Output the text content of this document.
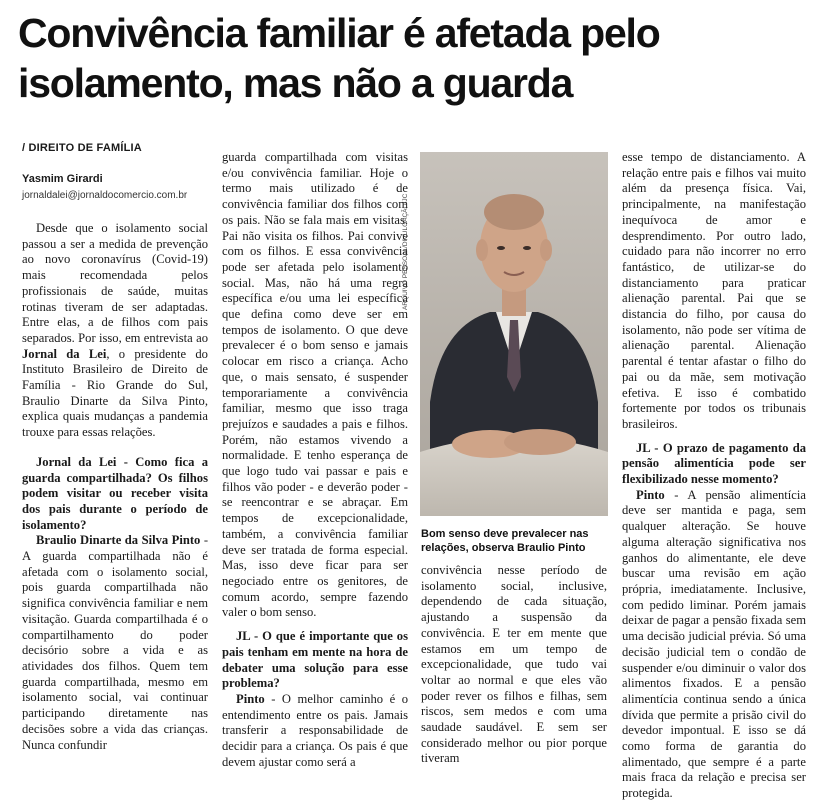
Convivência familiar é afetada pelo isolamento, mas não a guarda
/ DIREITO DE FAMÍLIA
Yasmim Girardi
jornaldalei@jornaldocomercio.com.br

Desde que o isolamento social passou a ser a medida de prevenção ao novo coronavírus (Covid-19) mais recomendada pelos profissionais de saúde, muitas rotinas tiveram de ser adaptadas. Entre elas, a de filhos com pais separados. Por isso, em entrevista ao Jornal da Lei, o presidente do Instituto Brasileiro de Direito de Família - Rio Grande do Sul, Braulio Dinarte da Silva Pinto, explica quais mudanças a pandemia trouxe para essas relações.

Jornal da Lei - Como fica a guarda compartilhada? Os filhos podem visitar ou receber visita dos pais durante o período de isolamento?

Braulio Dinarte da Silva Pinto - A guarda compartilhada não é afetada com o isolamento social, pois guarda compartilhada não significa convivência familiar e nem visitação. Guarda compartilhada é o compartilhamento do poder decisório sobre a vida e as atividades dos filhos. Quem tem guarda compartilhada, mesmo em isolamento social, vai continuar participando diretamente nas decisões sobre a vida das crianças. Nunca confundir

guarda compartilhada com visitas e/ou convivência familiar. Hoje o termo mais utilizado é de convivência familiar dos filhos com os pais. Não se fala mais em visitas. Pai não visita os filhos. Pai convive com os filhos. E essa convivência pode ser afetada pelo isolamento social. Mas, não há uma regra específica e/ou uma lei específica que defina como deve ser em tempos de isolamento. O que deve prevalecer é o bom senso e jamais colocar em risco a criança. Acho que, o mais sensato, é suspender temporariamente a convivência familiar, mesmo que isso traga prejuízos e saudades a pais e filhos. Porém, não estamos vivendo a normalidade. E tenho esperança de que logo tudo vai passar e pais e filhos vão poder - e deverão poder - se reencontrar e se abraçar. Em tempos de excepcionalidade, também, a convivência familiar deve ser tratada de forma especial. Mas, isso deve ficar para ser negociado entre os genitores, de comum acordo, sempre fazendo valer o bom senso.

JL - O que é importante que os pais tenham em mente na hora de debater uma solução para esse problema?

Pinto - O melhor caminho é o entendimento entre os pais. Jamais transferir a responsabilidade de decidir para a criança. Os pais é que devem ajustar como será a

ARQUIVO PESSOAL/DIVULGAÇÃO/JC
Bom senso deve prevalecer nas relações, observa Braulio Pinto

convivência nesse período de isolamento social, inclusive, dependendo de cada situação, ajustando a suspensão da convivência. E ter em mente que estamos em um tempo de excepcionalidade, que tudo vai voltar ao normal e que eles vão poder rever os filhos e filhas, sem riscos, sem medos e com uma saudade saudável. E sem ser considerado melhor ou pior porque tiveram

esse tempo de distanciamento. A relação entre pais e filhos vai muito além da presença física. Vai, principalmente, na manifestação inequívoca de amor e desprendimento. Por outro lado, cuidado para não incorrer no erro fantástico, de utilizar-se do distanciamento para praticar alienação parental. Pai que se distancia do filho, por causa do isolamento, não pode ser vítima de alienação parental. Alienação parental é tentar afastar o filho do pai ou da mãe, sem motivação efetiva. E isso é combatido fortemente por todos os tribunais brasileiros.

JL - O prazo de pagamento da pensão alimentícia pode ser flexibilizado nesse momento?

Pinto - A pensão alimentícia deve ser mantida e paga, sem qualquer alteração. Se houve alguma alteração significativa nos ganhos do alimentante, ele deve buscar uma revisão em ação própria, imediatamente. Inclusive, com pedido liminar. Porém jamais deixar de pagar a pensão fixada sem uma decisão judicial prévia. Só uma decisão judicial tem o condão de suspender e/ou diminuir o valor dos alimentos fixados. E a pensão alimentícia continua sendo a única dívida que permite a prisão civil do devedor impontual. E isso se dá como forma de garantia do alimentado, que sempre é a parte mais fraca da relação e precisa ser protegida.
